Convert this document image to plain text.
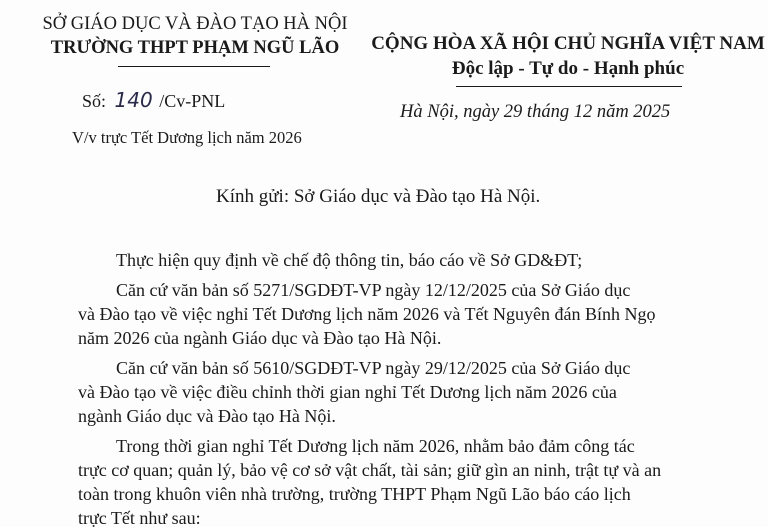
SỞ GIÁO DỤC VÀ ĐÀO TẠO HÀ NỘI
TRƯỜNG THPT PHẠM NGŨ LÃO	CỘNG HÒA XÃ HỘI CHỦ NGHĨA VIỆT NAM
Độc lập - Tự do - Hạnh phúc
Số: 140 /Cv-PNL
V/v trực Tết Dương lịch năm 2026
Hà Nội, ngày 29 tháng 12 năm 2025
Kính gửi: Sở Giáo dục và Đào tạo Hà Nội.

Thực hiện quy định về chế độ thông tin, báo cáo về Sở GD&ĐT;

Căn cứ văn bản số 5271/SGDĐT-VP ngày 12/12/2025 của Sở Giáo dục

và Đào tạo về việc nghỉ Tết Dương lịch năm 2026 và Tết Nguyên đán Bính Ngọ

năm 2026 của ngành Giáo dục và Đào tạo Hà Nội.

Căn cứ văn bản số 5610/SGDĐT-VP ngày 29/12/2025 của Sở Giáo dục

và Đào tạo về việc điều chỉnh thời gian nghỉ Tết Dương lịch năm 2026 của

ngành Giáo dục và Đào tạo Hà Nội.

Trong thời gian nghỉ Tết Dương lịch năm 2026, nhằm bảo đảm công tác

trực cơ quan; quản lý, bảo vệ cơ sở vật chất, tài sản; giữ gìn an ninh, trật tự và an

toàn trong khuôn viên nhà trường, trường THPT Phạm Ngũ Lão báo cáo lịch

trực Tết như sau:
